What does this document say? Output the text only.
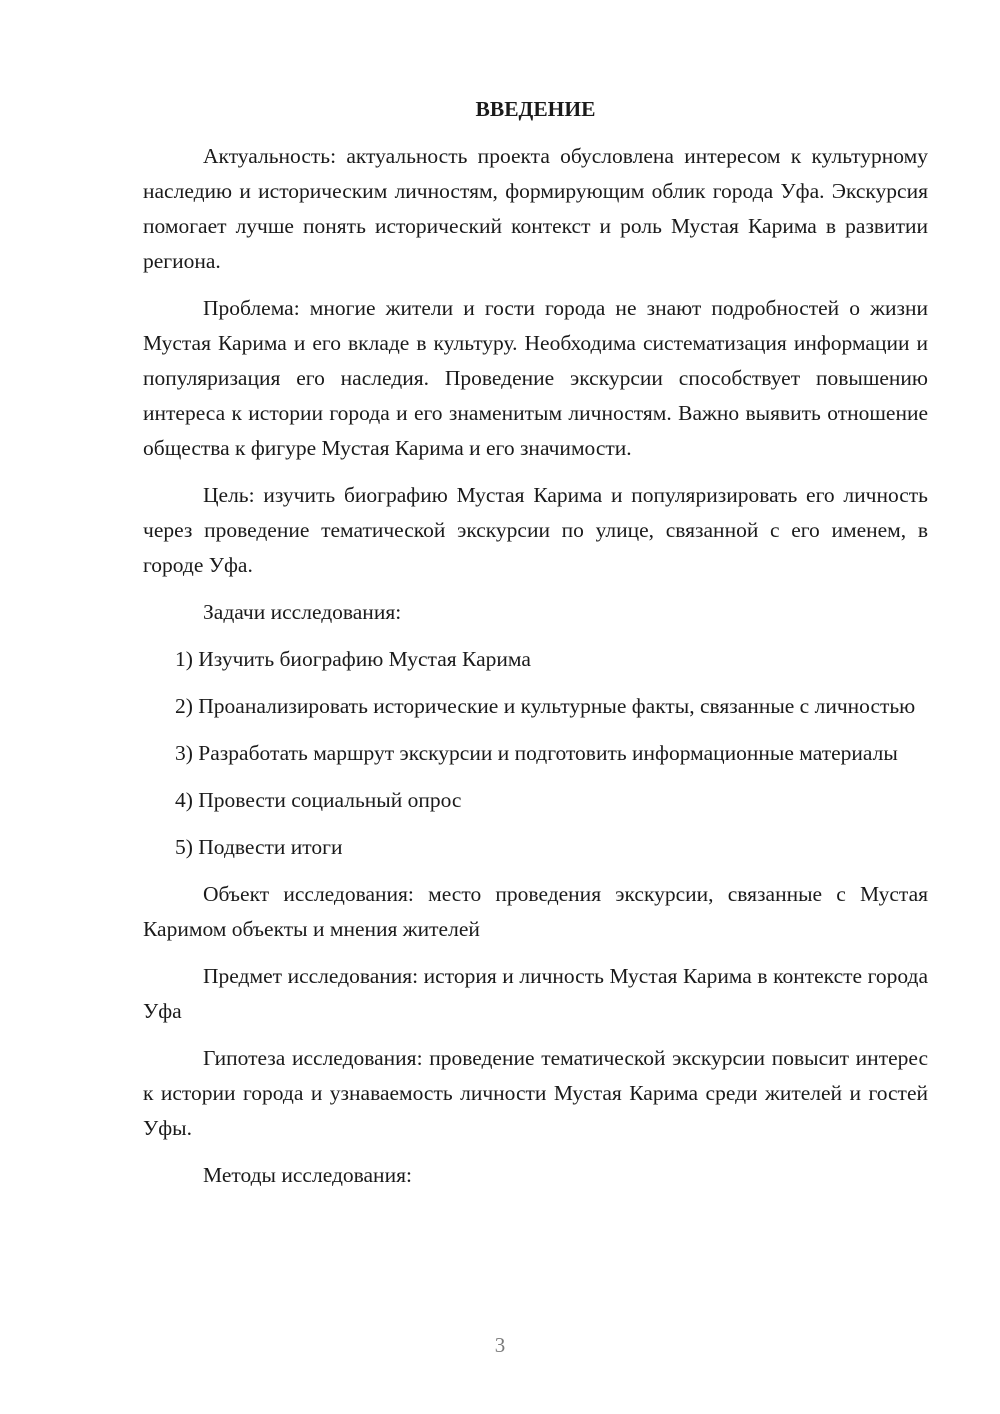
ВВЕДЕНИЕ

Актуальность: актуальность проекта обусловлена интересом к культурному наследию и историческим личностям, формирующим облик города Уфа. Экскурсия помогает лучше понять исторический контекст и роль Мустая Карима в развитии региона.

Проблема: многие жители и гости города не знают подробностей о жизни Мустая Карима и его вкладе в культуру. Необходима систематизация информации и популяризация его наследия. Проведение экскурсии способствует повышению интереса к истории города и его знаменитым личностям. Важно выявить отношение общества к фигуре Мустая Карима и его значимости.

Цель: изучить биографию Мустая Карима и популяризировать его личность через проведение тематической экскурсии по улице, связанной с его именем, в городе Уфа.

Задачи исследования:

1) Изучить биографию Мустая Карима

2) Проанализировать исторические и культурные факты, связанные с личностью

3) Разработать маршрут экскурсии и подготовить информационные материалы

4) Провести социальный опрос

5) Подвести итоги

Объект исследования: место проведения экскурсии, связанные с Мустая Каримом объекты и мнения жителей

Предмет исследования: история и личность Мустая Карима в контексте города Уфа

Гипотеза исследования: проведение тематической экскурсии повысит интерес к истории города и узнаваемость личности Мустая Карима среди жителей и гостей Уфы.

Методы исследования:

3
